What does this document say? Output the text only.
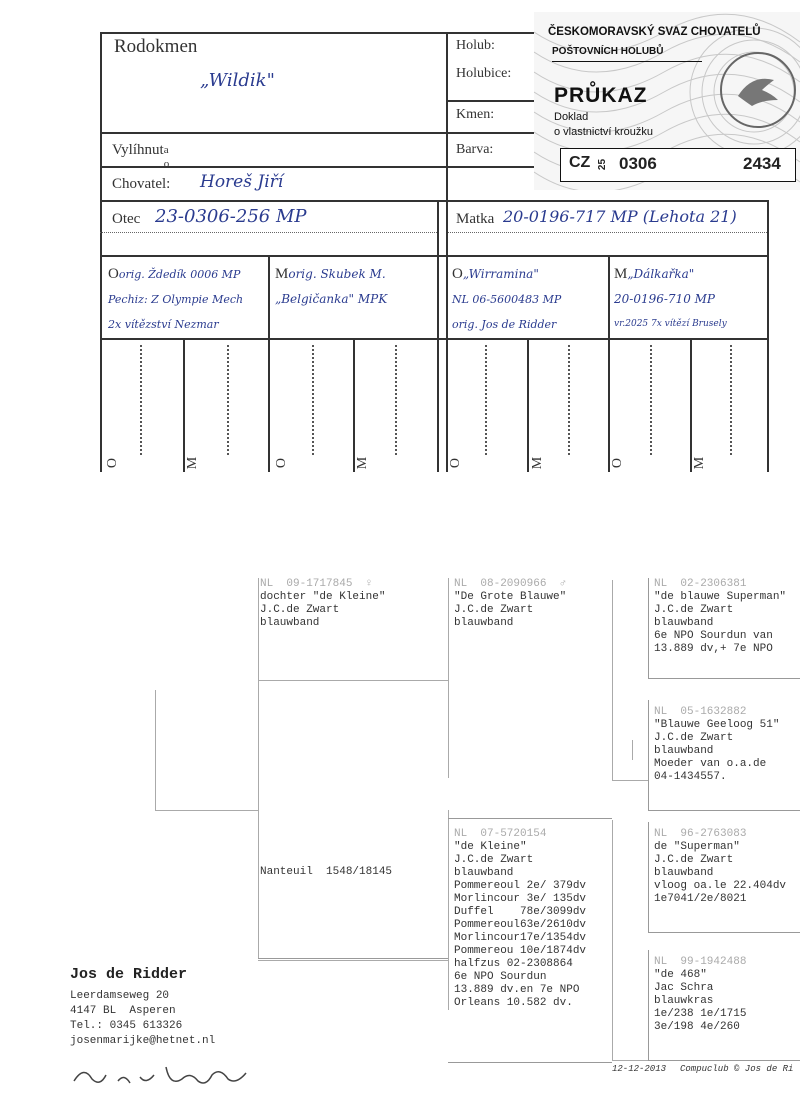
Rodokmen
„Wildik"
Holub:
Holubice:
Kmen:
Vylíhnut a
o
Barva:
Chovatel: Horeš Jiří
Otec 23-0306-256 MP	Matka 20-0196-717 MP (Lehota 21)
Oorig. Ždedík 0006 MP
Pechiz: Z Olympie Mech
2x vítězství Nezmar
Morig. Skubek M.
„Belgičanka" MPK
O„Wirramina"
NL 06-5600483 MP
orig. Jos de Ridder
M„Dálkařka"
20-0196-710 MP
vr.2025 7x vítězí Brusely
O	M	O	M	O	M	O	M
ČESKOMORAVSKÝ SVAZ CHOVATELŮ
POŠTOVNÍCH HOLUBŮ
PRŮKAZ
Doklad
o vlastnictví kroužku
CZ 25 0306	2434
NL  09-1717845  ♀
dochter "de Kleine"
J.C.de Zwart
blauwband
Nanteuil  1548/18145
NL  08-2090966  ♂
"De Grote Blauwe"
J.C.de Zwart
blauwband
NL  07-5720154
"de Kleine"
J.C.de Zwart
blauwband
Pommereoul 2e/ 379dv
Morlincour 3e/ 135dv
Duffel    78e/3099dv
Pommereoul63e/2610dv
Morlincour17e/1354dv
Pommereou 10e/1874dv
halfzus 02-2308864
6e NPO Sourdun
13.889 dv.en 7e NPO
Orleans 10.582 dv.
NL  02-2306381
"de blauwe Superman"
J.C.de Zwart
blauwband
6e NPO Sourdun van
13.889 dv,+ 7e NPO
NL  05-1632882
"Blauwe Geeloog 51"
J.C.de Zwart
blauwband
Moeder van o.a.de
04-1434557.
NL  96-2763083
de "Superman"
J.C.de Zwart
blauwband
vloog oa.le 22.404dv
1e7041/2e/8021
NL  99-1942488
"de 468"
Jac Schra
blauwkras
1e/238 1e/1715
3e/198 4e/260
Jos de Ridder
Leerdamseweg 20
4147 BL  Asperen
Tel.: 0345 613326
josenmarijke@hetnet.nl
12-12-2013 Compuclub © Jos de Ri
